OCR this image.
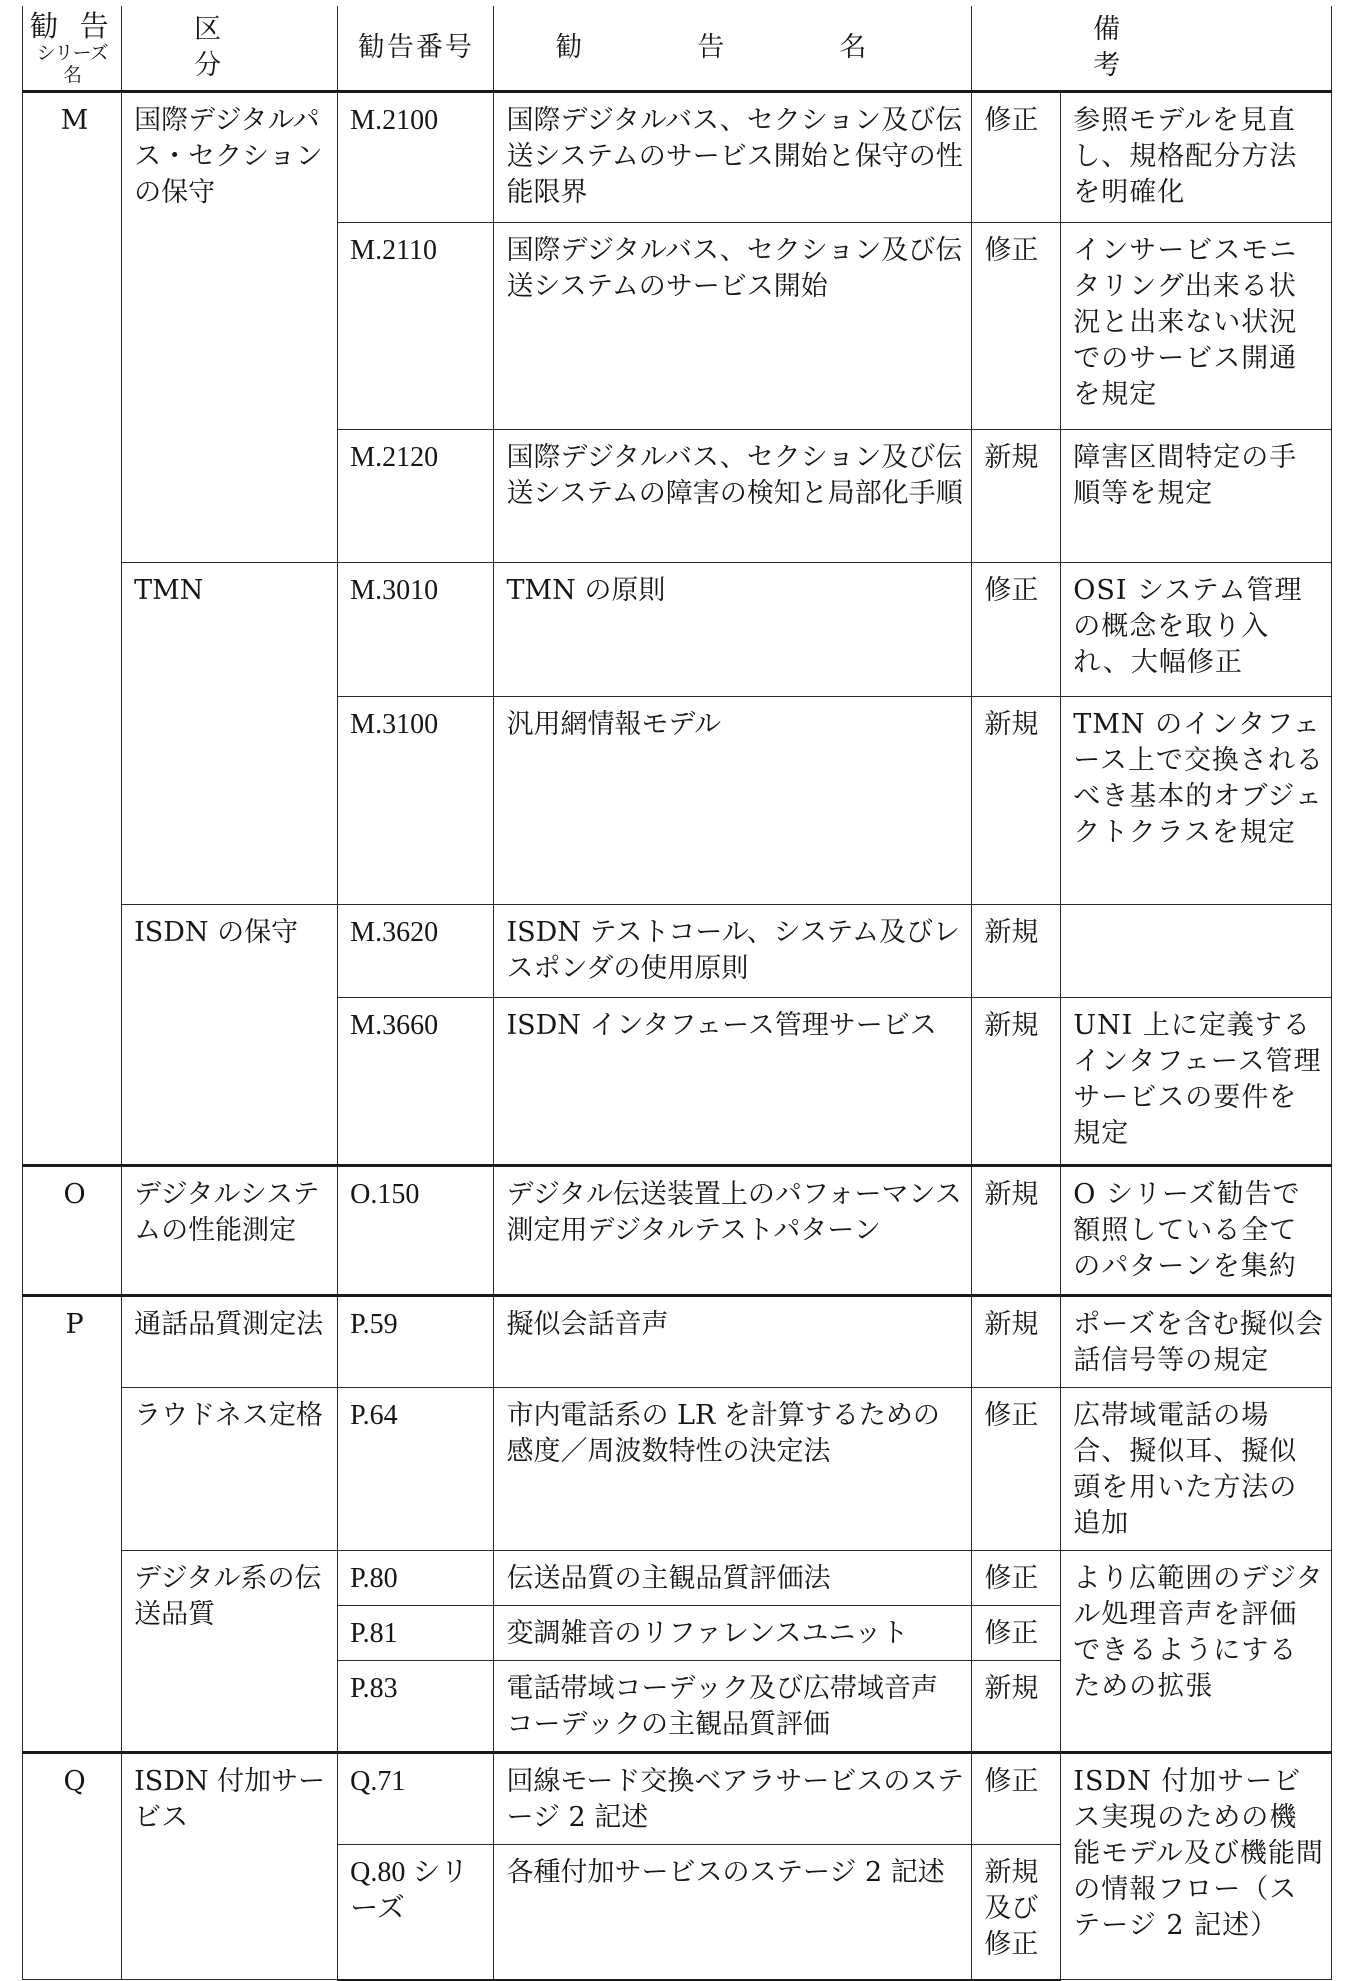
勧 告
シリーズ名	区　分	勧告番号	勧　告　名	備　考	
M	国際デジタルパス・セクションの保守	M.2100	国際デジタルバス、セクション及び伝送システムのサービス開始と保守の性能限界	修正	参照モデルを見直し、規格配分方法を明確化
		M.2110	国際デジタルバス、セクション及び伝送システムのサービス開始	修正	インサービスモニタリング出来る状況と出来ない状況でのサービス開通を規定
		M.2120	国際デジタルバス、セクション及び伝送システムの障害の検知と局部化手順	新規	障害区間特定の手順等を規定
	TMN	M.3010	TMN の原則	修正	OSI システム管理の概念を取り入れ、大幅修正
		M.3100	汎用網情報モデル	新規	TMN のインタフェース上で交換されるべき基本的オブジェクトクラスを規定
	ISDN の保守	M.3620	ISDN テストコール、システム及びレスポンダの使用原則	新規	
		M.3660	ISDN インタフェース管理サービス	新規	UNI 上に定義するインタフェース管理サービスの要件を規定
O	デジタルシステムの性能測定	O.150	デジタル伝送装置上のパフォーマンス測定用デジタルテストパターン	新規	O シリーズ勧告で額照している全てのパターンを集約
P	通話品質測定法	P.59	擬似会話音声	新規	ポーズを含む擬似会話信号等の規定
	ラウドネス定格	P.64	市内電話系の LR を計算するための感度／周波数特性の決定法	修正	広帯域電話の場合、擬似耳、擬似頭を用いた方法の追加
	デジタル系の伝送品質	P.80	伝送品質の主観品質評価法	修正	より広範囲のデジタル処理音声を評価できるようにするための拡張
		P.81	変調雑音のリファレンスユニット	修正	
		P.83	電話帯域コーデック及び広帯域音声コーデックの主観品質評価	新規	
Q	ISDN 付加サービス	Q.71	回線モード交換ベアラサービスのステージ 2 記述	修正	ISDN 付加サービス実現のための機能モデル及び機能間の情報フロー（ステージ 2 記述）
		Q.80 シリーズ	各種付加サービスのステージ 2 記述	新規及び修正	
